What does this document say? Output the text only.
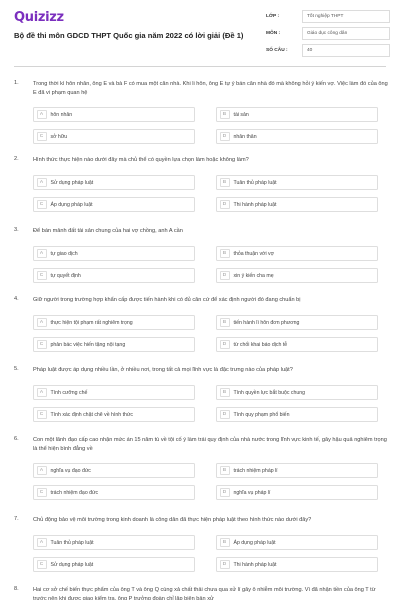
Quizizz
Bộ đề thi môn GDCD THPT Quốc gia năm 2022 có lời giải (Đề 1)
LỚP :	Tốt nghiệp THPT
MÔN :	Giáo dục công dân
SỐ CÂU :	40
1.	Trong thời kì hôn nhân, ông E và bà F có mua một căn nhà. Khi li hôn, ông E tự ý bán căn nhà đó mà không hỏi ý kiến vợ. Việc làm đó của ông E đã vi phạm quan hệ
A	hôn nhân	B	tài sản
C	sở hữu	D	nhân thân
2.	Hình thức thực hiện nào dưới đây mà chủ thể có quyền lựa chọn làm hoặc không làm?
A	Sử dụng pháp luật	B	Tuân thủ pháp luật
C	Áp dụng pháp luật	D	Thi hành pháp luật
3.	Để bán mảnh đất tài sản chung của hai vợ chồng, anh A cần
A	tự giao dịch	B	thỏa thuận với vợ
C	tự quyết định	D	xin ý kiến cha mẹ
4.	Giữ người trong trường hợp khẩn cấp được tiến hành khi có đủ căn cứ để xác định người đó đang chuẩn bị
A	thực hiện tội phạm rất nghiêm trọng	B	tiến hành lì hôn đơn phương
C	phản bác việc hiến tặng nội tạng	D	từ chối khai báo dịch tễ
5.	Pháp luật được áp dụng nhiều lần, ở nhiều nơi, trong tất cả mọi lĩnh vực là đặc trưng nào của pháp luật?
A	Tính cưỡng chế	B	Tính quyền lực bắt buộc chung
C	Tính xác định chặt chẽ về hình thức	D	Tính quy phạm phổ biến
6.	Con một lãnh đạo cấp cao nhận mức án 15 năm tù về tội cố ý làm trái quy định của nhà nước trong lĩnh vực kinh tế, gây hậu quả nghiêm trọng là thể hiện bình đẳng về
A	nghĩa vụ đạo đức	B	trách nhiệm pháp lí
C	trách nhiệm đạo đức	D	nghĩa vụ pháp lí
7.	Chủ động bảo vệ môi trường trong kinh doanh là công dân đã thực hiện pháp luật theo hình thức nào dưới đây?
A	Tuân thủ pháp luật	B	Áp dụng pháp luật
C	Sử dụng pháp luật	D	Thi hành pháp luật
8.	Hai cơ sở chế biến thực phẩm của ông T và ông Q cùng xả chất thải chưa qua xử lí gây ô nhiễm môi trường. Vì đã nhận tiền của ông T từ trước nên khi được giao kiểm tra, ông P trưởng đoàn chỉ lập biên bản xử
